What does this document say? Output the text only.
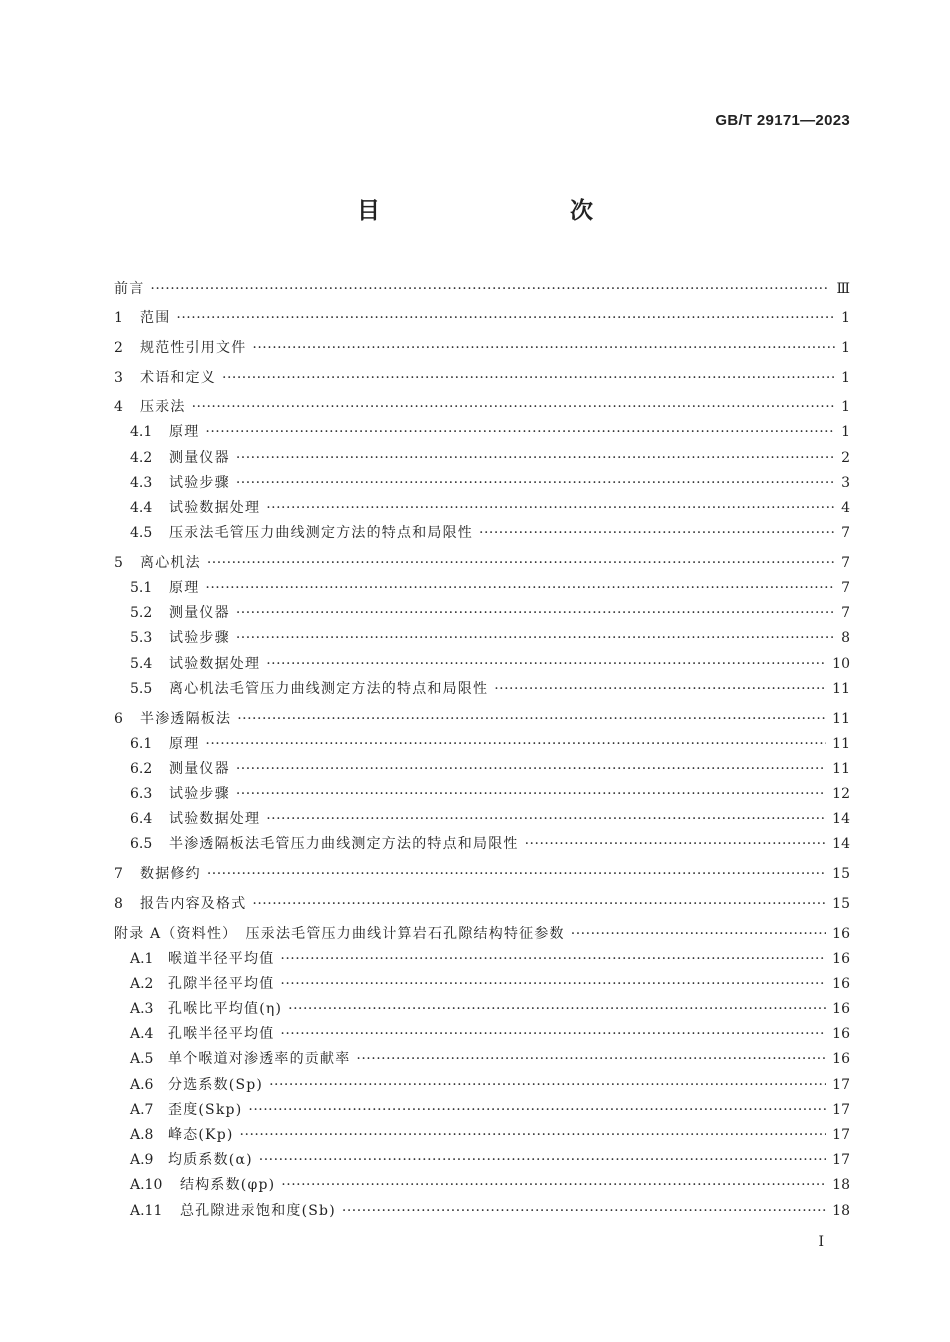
GB/T 29171—2023
目　　次
前言 ·····	Ⅲ
1	范围 ·····	1
2	规范性引用文件 ·····	1
3	术语和定义 ·····	1
4	压汞法 ·····	1
4.1	原理 ·····	1
4.2	测量仪器 ·····	2
4.3	试验步骤 ·····	3
4.4	试验数据处理 ·····	4
4.5	压汞法毛管压力曲线测定方法的特点和局限性 ·····	7
5	离心机法 ·····	7
5.1	原理 ·····	7
5.2	测量仪器 ·····	7
5.3	试验步骤 ·····	8
5.4	试验数据处理 ·····	10
5.5	离心机法毛管压力曲线测定方法的特点和局限性 ·····	11
6	半渗透隔板法 ·····	11
6.1	原理 ·····	11
6.2	测量仪器 ·····	11
6.3	试验步骤 ·····	12
6.4	试验数据处理 ·····	14
6.5	半渗透隔板法毛管压力曲线测定方法的特点和局限性 ·····	14
7	数据修约 ·····	15
8	报告内容及格式 ·····	15
附录 A（资料性）　压汞法毛管压力曲线计算岩石孔隙结构特征参数 ·····	16
A.1	喉道半径平均值 ·····	16
A.2	孔隙半径平均值 ·····	16
A.3	孔喉比平均值(η) ·····	16
A.4	孔喉半径平均值 ·····	16
A.5	单个喉道对渗透率的贡献率 ·····	16
A.6	分选系数(Sp) ·····	17
A.7	歪度(Skp) ·····	17
A.8	峰态(Kp) ·····	17
A.9	均质系数(α) ·····	17
A.10	结构系数(φp) ·····	18
A.11	总孔隙进汞饱和度(Sb) ·····	18
I
